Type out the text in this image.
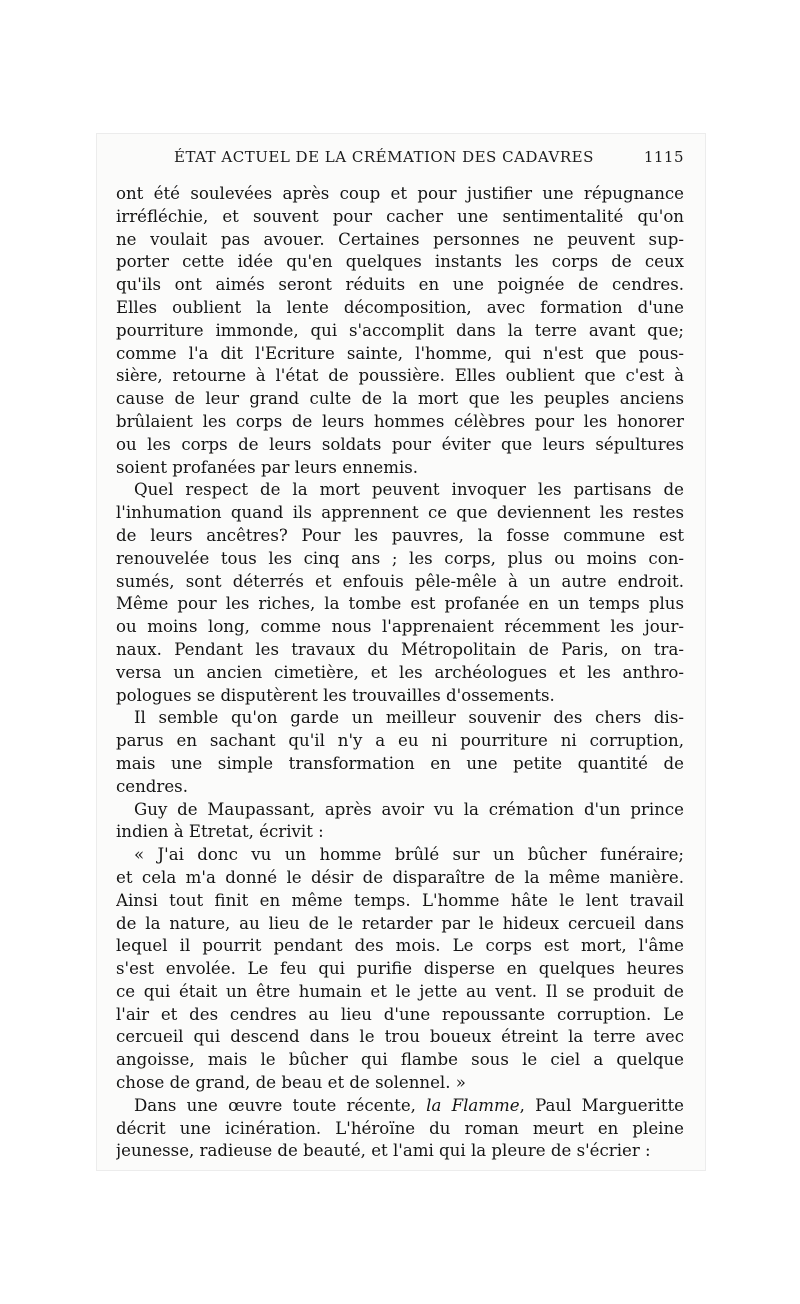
ÉTAT ACTUEL DE LA CRÉMATION DES CADAVRES	1115
ont été soulevées après coup et pour justifier une répugnance
irréfléchie, et souvent pour cacher une sentimentalité qu'on
ne voulait pas avouer. Certaines personnes ne peuvent sup-
porter cette idée qu'en quelques instants les corps de ceux
qu'ils ont aimés seront réduits en une poignée de cendres.
Elles oublient la lente décomposition, avec formation d'une
pourriture immonde, qui s'accomplit dans la terre avant que;
comme l'a dit l'Ecriture sainte, l'homme, qui n'est que pous-
sière, retourne à l'état de poussière. Elles oublient que c'est à
cause de leur grand culte de la mort que les peuples anciens
brûlaient les corps de leurs hommes célèbres pour les honorer
ou les corps de leurs soldats pour éviter que leurs sépultures
soient profanées par leurs ennemis.
Quel respect de la mort peuvent invoquer les partisans de
l'inhumation quand ils apprennent ce que deviennent les restes
de leurs ancêtres? Pour les pauvres, la fosse commune est
renouvelée tous les cinq ans ; les corps, plus ou moins con-
sumés, sont déterrés et enfouis pêle-mêle à un autre endroit.
Même pour les riches, la tombe est profanée en un temps plus
ou moins long, comme nous l'apprenaient récemment les jour-
naux. Pendant les travaux du Métropolitain de Paris, on tra-
versa un ancien cimetière, et les archéologues et les anthro-
pologues se disputèrent les trouvailles d'ossements.
Il semble qu'on garde un meilleur souvenir des chers dis-
parus en sachant qu'il n'y a eu ni pourriture ni corruption,
mais une simple transformation en une petite quantité de
cendres.
Guy de Maupassant, après avoir vu la crémation d'un prince
indien à Etretat, écrivit :
« J'ai donc vu un homme brûlé sur un bûcher funéraire;
et cela m'a donné le désir de disparaître de la même manière.
Ainsi tout finit en même temps. L'homme hâte le lent travail
de la nature, au lieu de le retarder par le hideux cercueil dans
lequel il pourrit pendant des mois. Le corps est mort, l'âme
s'est envolée. Le feu qui purifie disperse en quelques heures
ce qui était un être humain et le jette au vent. Il se produit de
l'air et des cendres au lieu d'une repoussante corruption. Le
cercueil qui descend dans le trou boueux étreint la terre avec
angoisse, mais le bûcher qui flambe sous le ciel a quelque
chose de grand, de beau et de solennel. »
Dans une œuvre toute récente, la Flamme, Paul Margueritte
décrit une icinération. L'héroïne du roman meurt en pleine
jeunesse, radieuse de beauté, et l'ami qui la pleure de s'écrier :
